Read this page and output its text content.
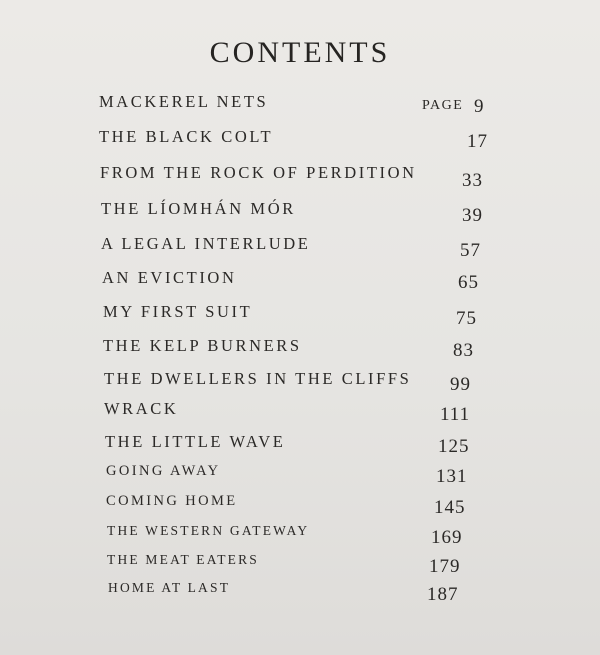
CONTENTS
MACKEREL NETS	PAGE 9
THE BLACK COLT	17
FROM THE ROCK OF PERDITION 33
THE LÍOMHÁN MÓR	39
A LEGAL INTERLUDE	57
AN EVICTION	65
MY FIRST SUIT	75
THE KELP BURNERS	83
THE DWELLERS IN THE CLIFFS 99
WRACK	111
THE LITTLE WAVE	125
GOING AWAY	131
COMING HOME	145
THE WESTERN GATEWAY	169
THE MEAT EATERS	179
HOME AT LAST	187
